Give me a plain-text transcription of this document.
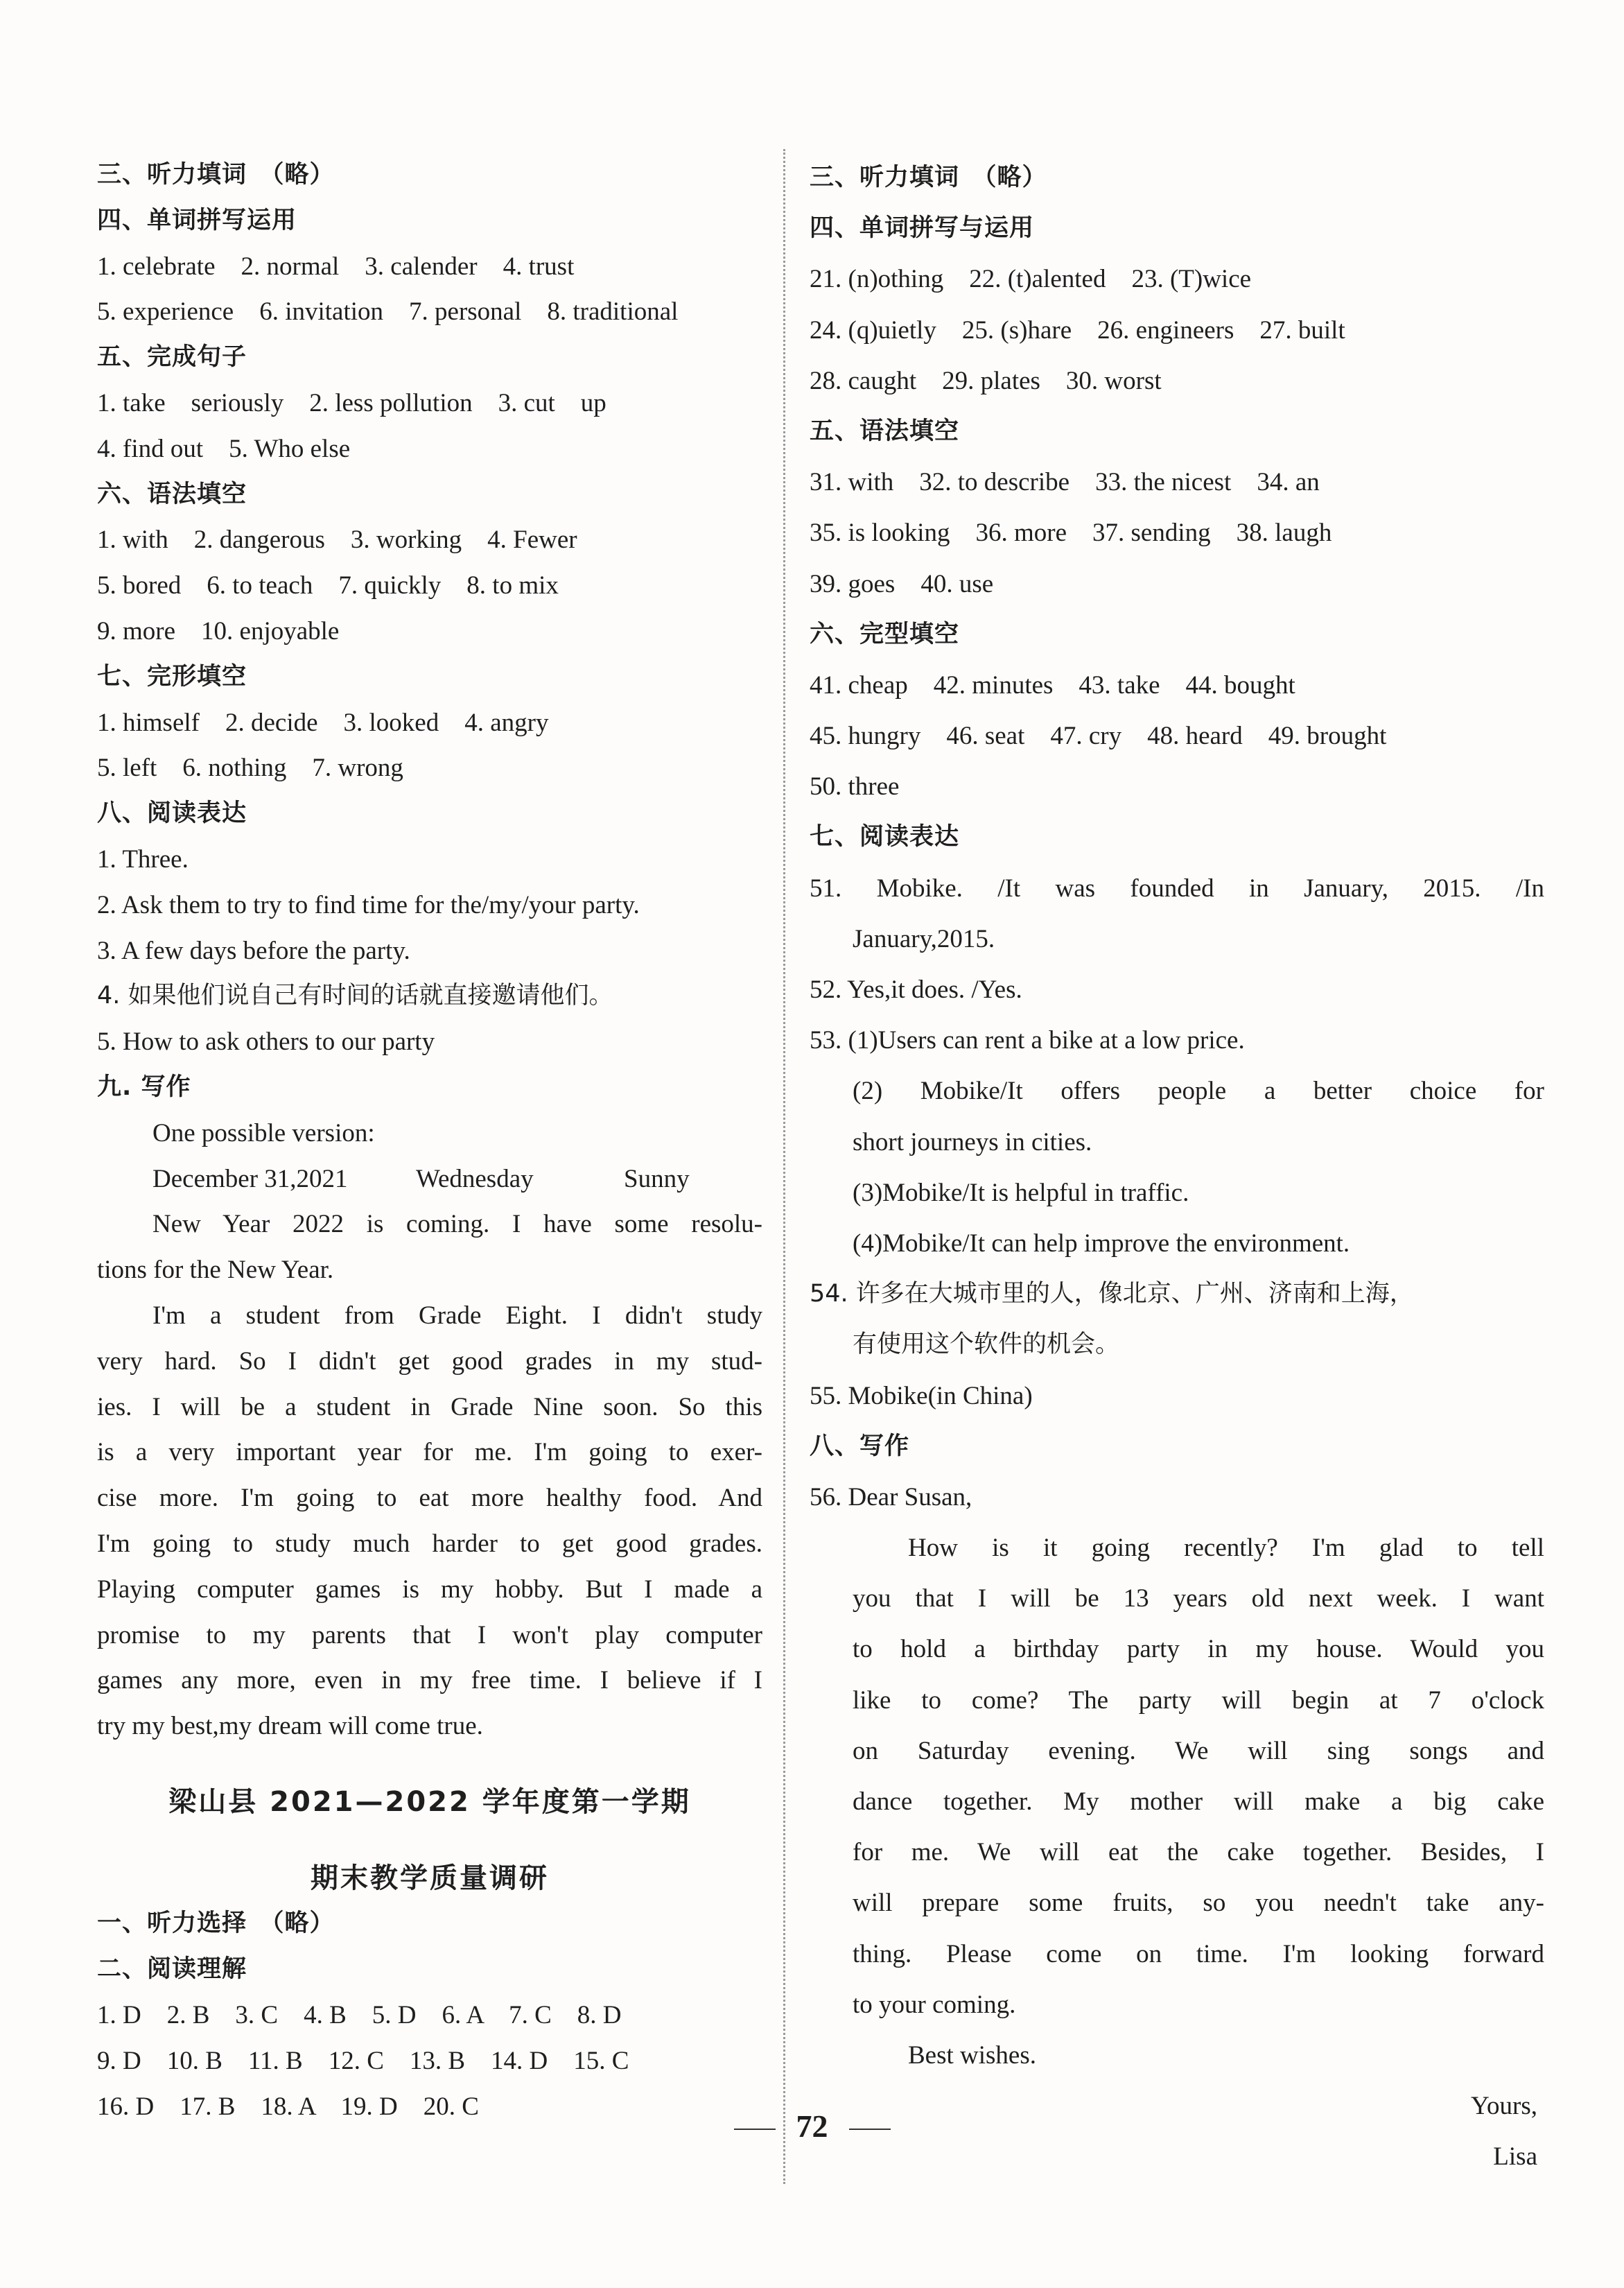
三、听力填词　（略）
四、单词拼写运用
1. celebrate　2. normal　3. calender　4. trust
5. experience　6. invitation　7. personal　8. traditional
五、完成句子
1. take　seriously　2. less pollution　3. cut　up
4. find out　5. Who else
六、语法填空
1. with　2. dangerous　3. working　4. Fewer
5. bored　6. to teach　7. quickly　8. to mix
9. more　10. enjoyable
七、完形填空
1. himself　2. decide　3. looked　4. angry
5. left　6. nothing　7. wrong
八、阅读表达
1. Three.
2. Ask them to try to find time for the/my/your party.
3. A few days before the party.
4. 如果他们说自己有时间的话就直接邀请他们。
5. How to ask others to our party
九. 写作
One possible version:
December 31,2021	Wednesday	Sunny
New Year 2022 is coming. I have some resolu-
tions for the New Year.
I'm a student from Grade Eight. I didn't study
very hard. So I didn't get good grades in my stud-
ies. I will be a student in Grade Nine soon. So this
is a very important year for me. I'm going to exer-
cise more. I'm going to eat more healthy food. And
I'm going to study much harder to get good grades.
Playing computer games is my hobby. But I made a
promise to my parents that I won't play computer
games any more, even in my free time. I believe if I
try my best,my dream will come true.
梁山县 2021—2022 学年度第一学期
期末教学质量调研
一、听力选择　（略）
二、阅读理解
1. D　2. B　3. C　4. B　5. D　6. A　7. C　8. D
9. D　10. B　11. B　12. C　13. B　14. D　15. C
16. D　17. B　18. A　19. D　20. C
三、听力填词　（略）
四、单词拼写与运用
21. (n)othing　22. (t)alented　23. (T)wice
24. (q)uietly　25. (s)hare　26. engineers　27. built
28. caught　29. plates　30. worst
五、语法填空
31. with　32. to describe　33. the nicest　34. an
35. is looking　36. more　37. sending　38. laugh
39. goes　40. use
六、完型填空
41. cheap　42. minutes　43. take　44. bought
45. hungry　46. seat　47. cry　48. heard　49. brought
50. three
七、阅读表达
51. Mobike. /It was founded in January, 2015. /In
January,2015.
52. Yes,it does. /Yes.
53. (1)Users can rent a bike at a low price.
(2) Mobike/It offers people a better choice for
short journeys in cities.
(3)Mobike/It is helpful in traffic.
(4)Mobike/It can help improve the environment.
54. 许多在大城市里的人，像北京、广州、济南和上海，
有使用这个软件的机会。
55. Mobike(in China)
八、写作
56. Dear Susan,
How is it going recently? I'm glad to tell
you that I will be 13 years old next week. I want
to hold a birthday party in my house. Would you
like to come? The party will begin at 7 o'clock
on Saturday evening. We will sing songs and
dance together. My mother will make a big cake
for me. We will eat the cake together. Besides, I
will prepare some fruits, so you needn't take any-
thing. Please come on time. I'm looking forward
to your coming.
Best wishes.
Yours,
Lisa
72
